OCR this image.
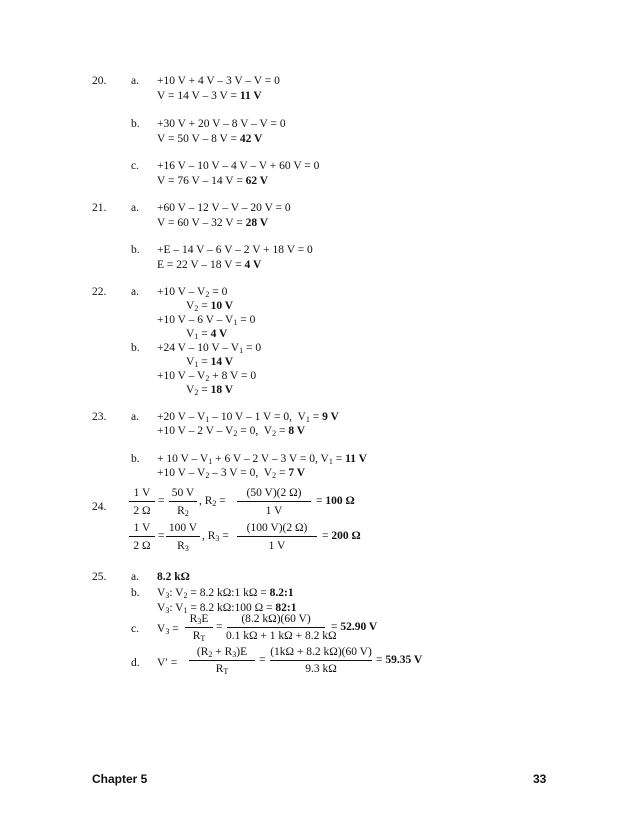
20. a. +10 V + 4 V – 3 V – V = 0
V = 14 V – 3 V = 11 V
b. +30 V + 20 V – 8 V – V = 0
V = 50 V – 8 V = 42 V
c. +16 V – 10 V – 4 V – V + 60 V = 0
V = 76 V – 14 V = 62 V
21. a. +60 V – 12 V – V – 20 V = 0
V = 60 V – 32 V = 28 V
b. +E – 14 V – 6 V – 2 V + 18 V = 0
E = 22 V – 18 V = 4 V
22. a. +10 $V - V_2 = 0$
$V_2 = 10$ V
+10 V – 6 $V - V_1 = 0$
$V_1 = 4$ V
b. +24 V – 10 $V - V_1 = 0$
$V_1 = 14$ V
+10 $V - V_2 + 8$ V = 0
$V_2 = 18$ V
23. a. +20 V – $V_1 - 10$ V – 1 V = 0,  $V_1 = 9$ V
+10 V – 2 $V - V_2 = 0$,  $V_2 = 8$ V
b. + 10 $V - V_1 + 6$ V – 2 V – 3 V = 0, $V_1 = 11$ V
+10 V – $V_2 - 3$ V = 0,  $V_2 = 7$ V
24.
1 V
2 Ω
=
50 V
$R_2$
, $R_2$ =
(50 V)(2 Ω)
1 V
= 100 Ω
1 V
2 Ω
=
100 V
$R_3$
, $R_3$ =
(100 V)(2 Ω)
1 V
= 200 Ω
25. a. 8.2 kΩ
b. $V_3$: $V_2 = 8.2$ kΩ:1 kΩ = 8.2:1
$V_3$: $V_1 = 8.2$ kΩ:100 Ω = 82:1
c. $V_3$ =
$R_3E$
$R_T$
=
(8.2 kΩ)(60 V)
0.1 kΩ + 1 kΩ + 8.2 kΩ
= 52.90 V
d. V′ =
$(R_2 + R_3)E$
$R_T$
=
(1kΩ + 8.2 kΩ)(60 V)
9.3 kΩ
= 59.35 V
Chapter 5	33
